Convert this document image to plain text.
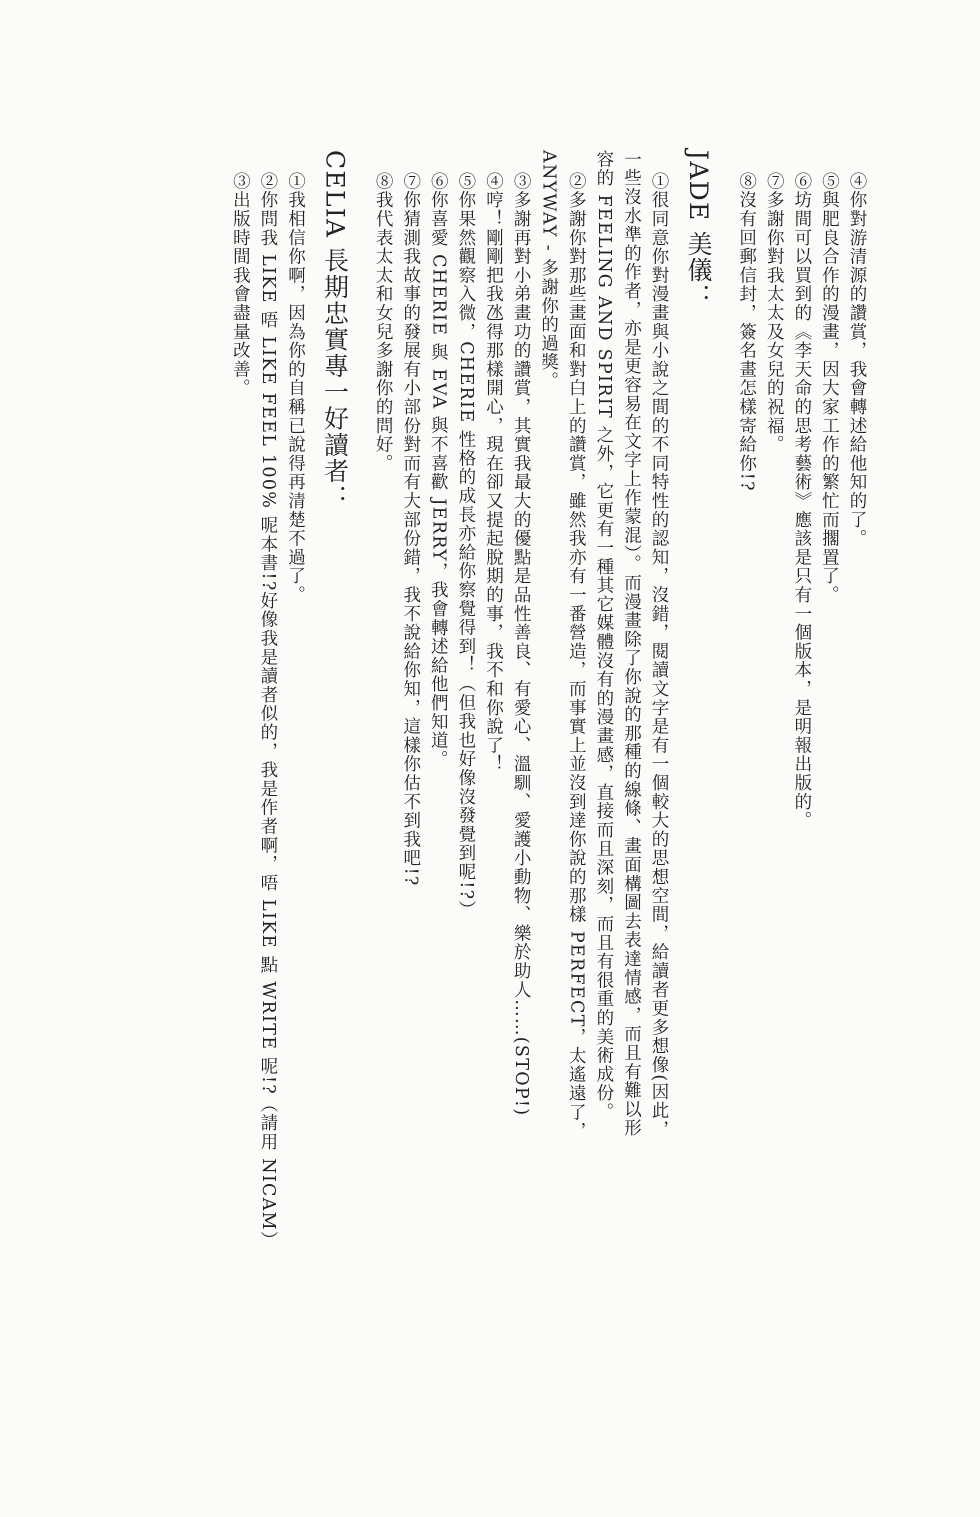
④你對游清源的讚賞，我會轉述給他知的了。
⑤與肥良合作的漫畫，因大家工作的繁忙而擱置了。
⑥坊間可以買到的《李天命的思考藝術》應該是只有一個版本，是明報出版的。
⑦多謝你對我太太及女兒的祝福。
⑧沒有回郵信封，簽名畫怎樣寄給你!?
JADE 美儀：
①很同意你對漫畫與小說之間的不同特性的認知，沒錯，閱讀文字是有一個較大的思想空間，給讀者更多想像(因此，
一些沒水準的作者，亦是更容易在文字上作蒙混）。而漫畫除了你說的那種的線條、畫面構圖去表達情感，而且有難以形
容的 FEELING AND SPIRIT 之外，它更有一種其它媒體沒有的漫畫感，直接而且深刻，而且有很重的美術成份。
②多謝你對那些畫面和對白上的讚賞，雖然我亦有一番營造，而事實上並沒到達你說的那樣 PERFECT，太遙遠了，
ANYWAY - 多謝你的過獎。
③多謝再對小弟畫功的讚賞，其實我最大的優點是品性善良、有愛心、溫馴、愛護小動物、樂於助人……(STOP!)
④哼！剛剛把我氹得那樣開心，現在卻又提起脫期的事，我不和你說了！
⑤你果然觀察入微，CHERIE 性格的成長亦給你察覺得到！（但我也好像沒發覺到呢!?）
⑥你喜愛 CHERIE 與 EVA 與不喜歡 JERRY，我會轉述給他們知道。
⑦你猜測我故事的發展有小部份對而有大部份錯，我不說給你知，這樣你估不到我吧!?
⑧我代表太太和女兒多謝你的問好。
CELIA 長期忠實專一好讀者：
①我相信你啊，因為你的自稱已說得再清楚不過了。
②你問我 LIKE 唔 LIKE FEEL 100% 呢本書!?好像我是讀者似的，我是作者啊，唔 LIKE 點 WRITE 呢!?（請用 NICAM）
③出版時間我會盡量改善。
